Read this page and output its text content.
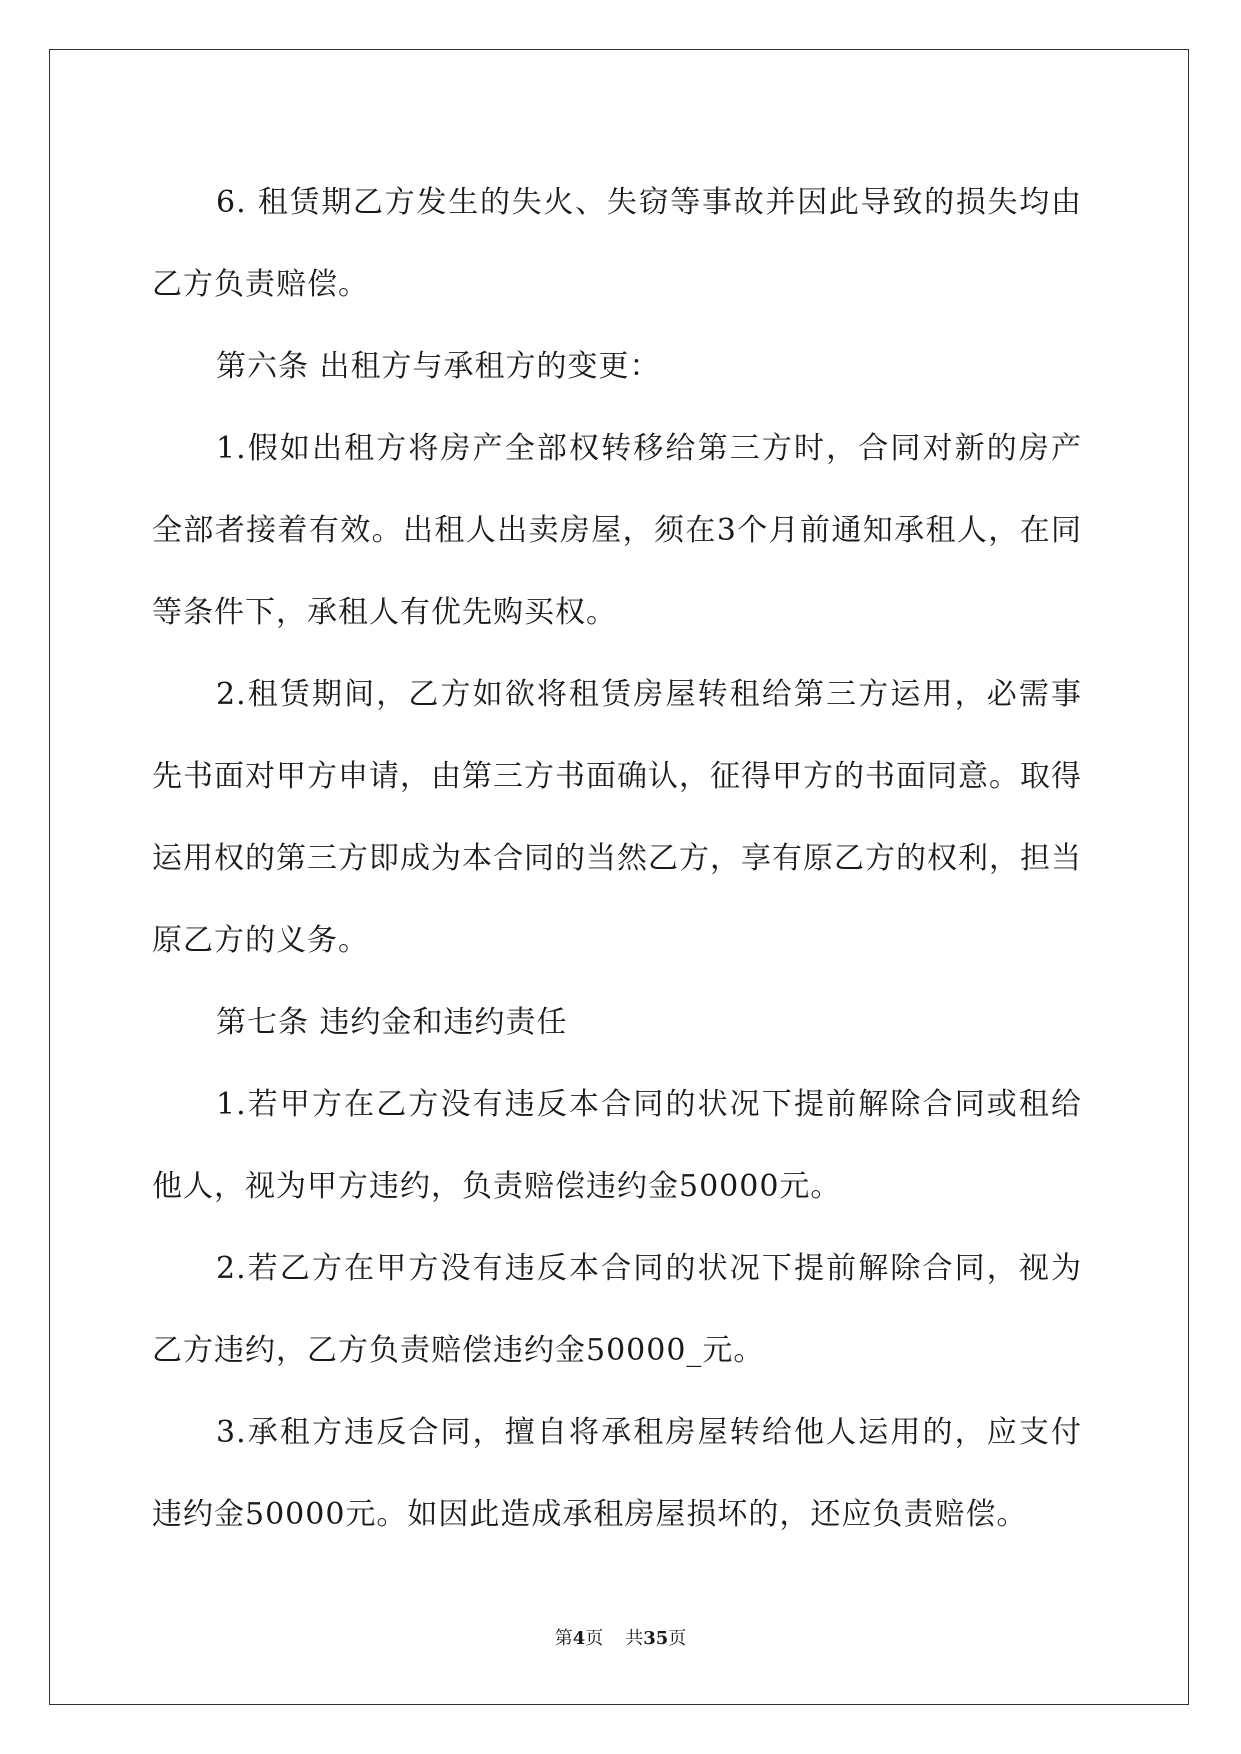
6. 租赁期乙方发生的失火、失窃等事故并因此导致的损失均由乙方负责赔偿。

第六条 出租方与承租方的变更：

1.假如出租方将房产全部权转移给第三方时，合同对新的房产全部者接着有效。出租人出卖房屋，须在3个月前通知承租人，在同等条件下，承租人有优先购买权。

2.租赁期间，乙方如欲将租赁房屋转租给第三方运用，必需事先书面对甲方申请，由第三方书面确认，征得甲方的书面同意。取得运用权的第三方即成为本合同的当然乙方，享有原乙方的权利，担当原乙方的义务。

第七条 违约金和违约责任

1.若甲方在乙方没有违反本合同的状况下提前解除合同或租给他人，视为甲方违约，负责赔偿违约金50000元。

2.若乙方在甲方没有违反本合同的状况下提前解除合同，视为乙方违约，乙方负责赔偿违约金50000_元。

3.承租方违反合同，擅自将承租房屋转给他人运用的，应支付违约金50000元。如因此造成承租房屋损坏的，还应负责赔偿。

第4页 共35页
